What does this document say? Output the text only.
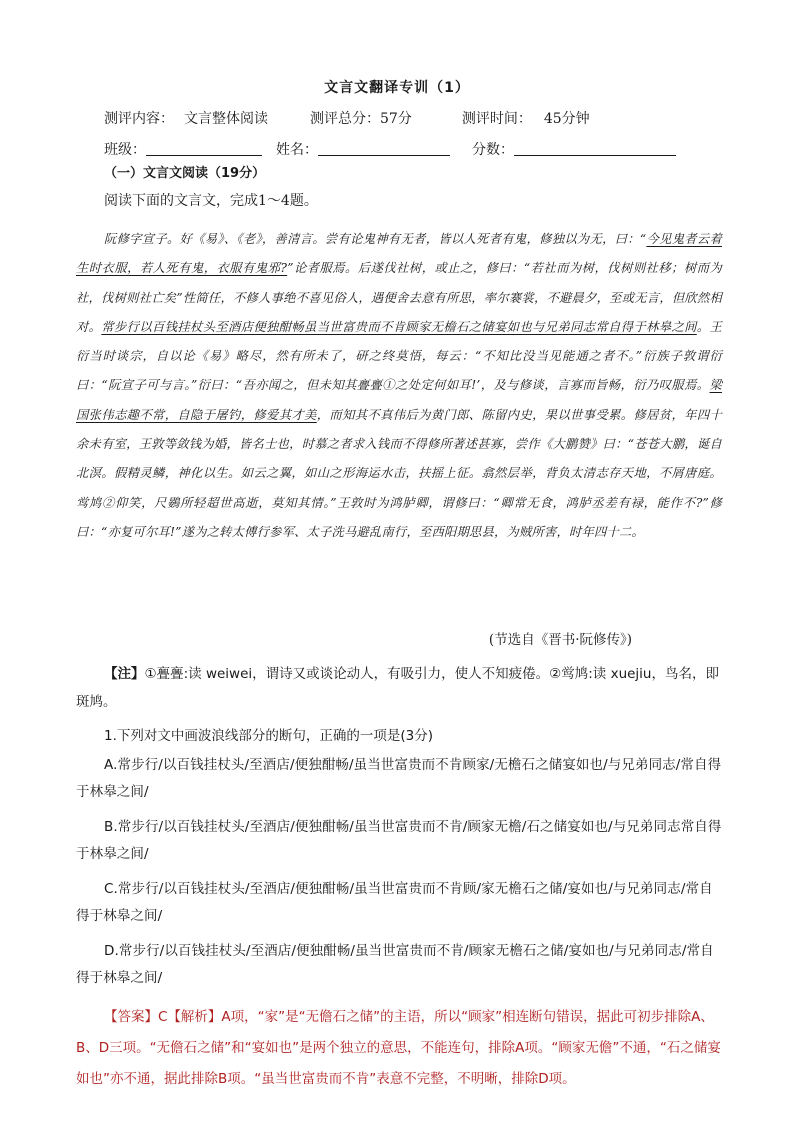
文言文翻译专训（1）
测评内容： 文言整体阅读	测评总分：57分	测评时间： 45分钟
班级：	姓名：	分数：
（一）文言文阅读（19分）
阅读下面的文言文，完成1～4题。
阮修字宣子。好《易》、《老》，善清言。尝有论鬼神有无者，皆以人死者有鬼，修独以为无，曰：“今见鬼者云着生时衣服，若人死有鬼，衣服有鬼邪?”论者服焉。后遂伐社树，或止之，修曰：“若社而为树，伐树则社移；树而为社，伐树则社亡矣”性简任，不修人事绝不喜见俗人，遇便舍去意有所思，率尔褰裳，不避晨夕，至或无言，但欣然相对。常步行以百钱挂杖头至酒店便独酣畅虽当世富贵而不肯顾家无檐石之储宴如也与兄弟同志常自得于林皋之间。王衍当时谈宗，自以论《易》略尽，然有所未了，研之终莫悟，每云：“不知比没当见能通之者不。”衍族子敦谓衍曰：“阮宣子可与言。”衍曰：“吾亦闻之，但未知其亹亹①之处定何如耳!’，及与修谈，言寡而旨畅，衍乃叹服焉。梁国张伟志趣不常，自隐于屠钓，修爱其才美，而知其不真伟后为黄门郎、陈留内史，果以世事受累。修居贫，年四十余未有室，王敦等敛钱为婚，皆名士也，时慕之者求入钱而不得修所著述甚寡，尝作《大鹏赞》曰：“苍苍大鹏，诞自北溟。假精灵鳞，神化以生。如云之翼，如山之形海运水击，扶摇上征。翕然层举，背负太清志存天地，不屑唐庭。鸴鸠②仰笑，尺鷃所轻超世高逝，莫知其情。”王敦时为鸿胪卿，谓修曰：“卿常无食，鸿胪丞差有禄，能作不?”修曰：“亦复可尔耳!”遂为之转太傅行参军、太子洗马避乱南行，至西阳期思县，为贼所害，时年四十二。
(节选自《晋书·阮修传》)
【注】①亹亹:读 weiwei，谓诗又或谈论动人，有吸引力，使人不知疲倦。②鸴鸠:读 xuejiu，鸟名，即斑鸠。
1.下列对文中画波浪线部分的断句，正确的一项是(3分)
A.常步行/以百钱挂杖头/至酒店/便独酣畅/虽当世富贵而不肯顾家/无檐石之储宴如也/与兄弟同志/常自得于林皋之间/
B.常步行/以百钱挂杖头/至酒店/便独酣畅/虽当世富贵而不肯/顾家无檐/石之储宴如也/与兄弟同志常自得于林皋之间/
C.常步行/以百钱挂杖头/至酒店/便独酣畅/虽当世富贵而不肯顾/家无檐石之储/宴如也/与兄弟同志/常自得于林皋之间/
D.常步行/以百钱挂杖头/至酒店/便独酣畅/虽当世富贵而不肯/顾家无檐石之储/宴如也/与兄弟同志/常自得于林皋之间/
【答案】C【解析】A项，“家”是“无儋石之储”的主语，所以“顾家”相连断句错误，据此可初步排除A、B、D三项。“无儋石之储”和“宴如也”是两个独立的意思，不能连句，排除A项。“顾家无儋”不通，“石之储宴如也”亦不通，据此排除B项。“虽当世富贵而不肯”表意不完整，不明晰，排除D项。
